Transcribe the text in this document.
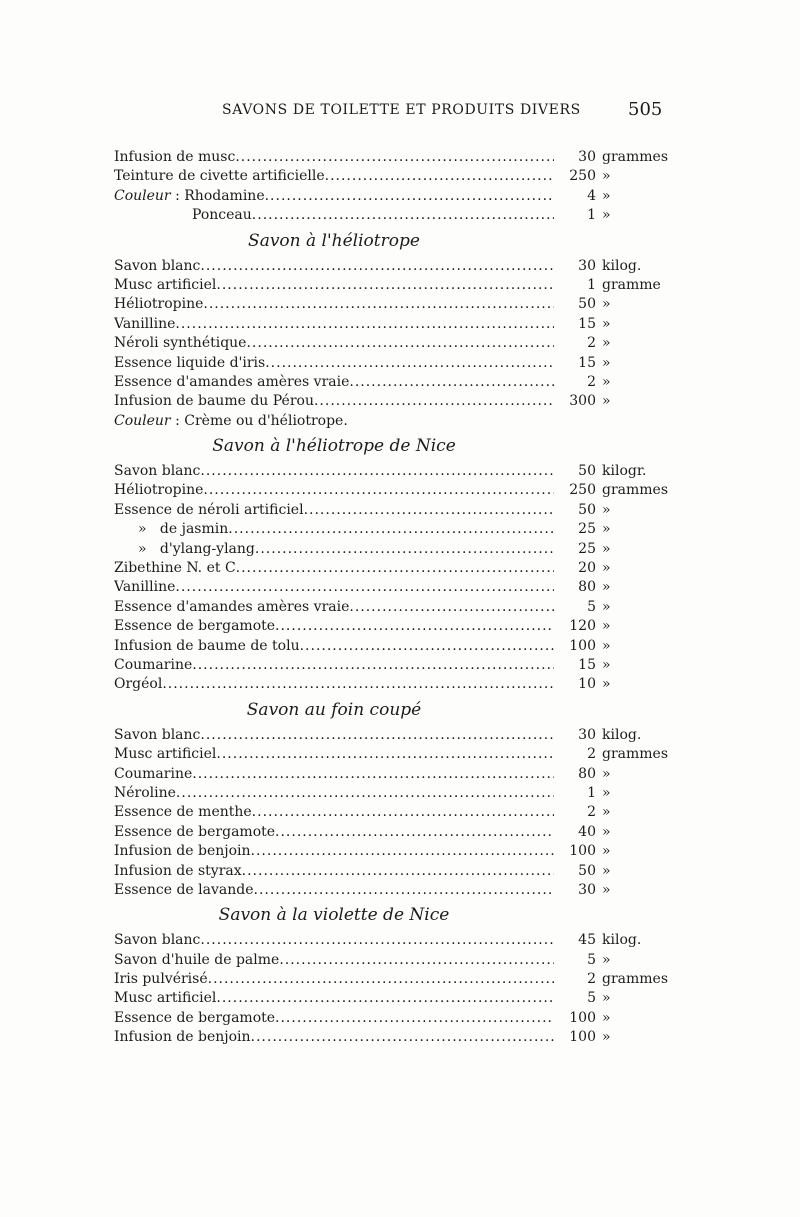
SAVONS DE TOILETTE ET PRODUITS DIVERS	505
Infusion de musc .....	30 grammes
Teinture de civette artificielle .....	250 »
Couleur : Rhodamine .....	4 »
Ponceau .....	1 »
Savon à l'héliotrope
Savon blanc .....	30 kilog.
Musc artificiel .....	1 gramme
Héliotropine .....	50 »
Vanilline .....	15 »
Néroli synthétique .....	2 »
Essence liquide d'iris .....	15 »
Essence d'amandes amères vraie .....	2 »
Infusion de baume du Pérou .....	300 »
Couleur : Crème ou d'héliotrope.
Savon à l'héliotrope de Nice
Savon blanc .....	50 kilogr.
Héliotropine .....	250 grammes
Essence de néroli artificiel .....	50 »
»   de jasmin .....	25 »
»   d'ylang-ylang .....	25 »
Zibethine N. et C .....	20 »
Vanilline .....	80 »
Essence d'amandes amères vraie .....	5 »
Essence de bergamote .....	120 »
Infusion de baume de tolu .....	100 »
Coumarine .....	15 »
Orgéol .....	10 »
Savon au foin coupé
Savon blanc .....	30 kilog.
Musc artificiel .....	2 grammes
Coumarine .....	80 »
Néroline .....	1 »
Essence de menthe .....	2 »
Essence de bergamote .....	40 »
Infusion de benjoin .....	100 »
Infusion de styrax .....	50 »
Essence de lavande .....	30 »
Savon à la violette de Nice
Savon blanc .....	45 kilog.
Savon d'huile de palme .....	5 »
Iris pulvérisé .....	2 grammes
Musc artificiel .....	5 »
Essence de bergamote .....	100 »
Infusion de benjoin .....	100 »
